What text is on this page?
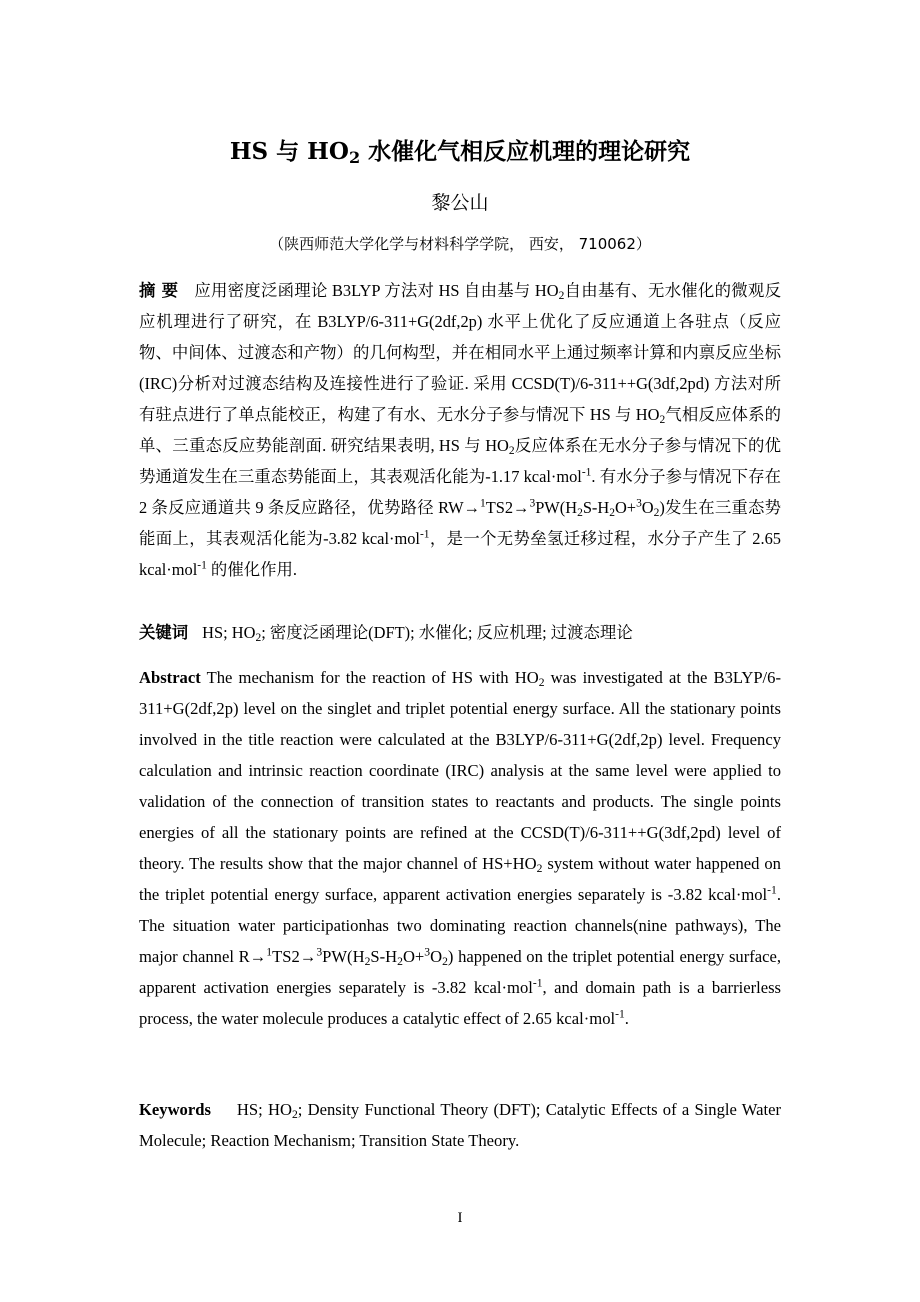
HS 与 $HO_2$ 水催化气相反应机理的理论研究
黎公山
（陕西师范大学化学与材料科学学院， 西安， 710062）
摘 要 应用密度泛函理论 B3LYP 方法对 HS 自由基与 $HO_2$自由基有、无水催化的微观反应机理进行了研究，在 B3LYP/6-311+G(2df,2p) 水平上优化了反应通道上各驻点（反应物、中间体、过渡态和产物）的几何构型，并在相同水平上通过频率计算和内禀反应坐标(IRC)分析对过渡态结构及连接性进行了验证. 采用 CCSD(T)/6-311++G(3df,2pd) 方法对所有驻点进行了单点能校正，构建了有水、无水分子参与情况下 HS 与 $HO_2$气相反应体系的单、三重态反应势能剖面. 研究结果表明, HS 与 $HO_2$反应体系在无水分子参与情况下的优势通道发生在三重态势能面上，其表观活化能为-1.17 kcal·mol$^{-1}$. 有水分子参与情况下存在 2 条反应通道共 9 条反应路径，优势路径 $RW\to^1TS2\to^3PW(H_2S-H_2O+^3O_2)$发生在三重态势能面上，其表观活化能为-3.82 kcal·mol$^{-1}$，是一个无势垒氢迁移过程，水分子产生了 2.65 kcal·mol$^{-1}$ 的催化作用.
关键词 HS; $HO_2$; 密度泛函理论(DFT); 水催化; 反应机理; 过渡态理论
Abstract The mechanism for the reaction of HS with $HO_2$ was investigated at the B3LYP/6-311+G(2df,2p) level on the singlet and triplet potential energy surface. All the stationary points involved in the title reaction were calculated at the B3LYP/6-311+G(2df,2p) level. Frequency calculation and intrinsic reaction coordinate (IRC) analysis at the same level were applied to validation of the connection of transition states to reactants and products. The single points energies of all the stationary points are refined at the CCSD(T)/6-311++G(3df,2pd) level of theory. The results show that the major channel of $HS+HO_2$ system without water happened on the triplet potential energy surface, apparent activation energies separately is -3.82 kcal·mol$^{-1}$. The situation water participationhas two dominating reaction channels(nine pathways), The major channel $R\to^1TS2\to^3PW(H_2S-H_2O+^3O_2)$ happened on the triplet potential energy surface, apparent activation energies separately is -3.82 kcal·mol$^{-1}$, and domain path is a barrierless process, the water molecule produces a catalytic effect of 2.65 kcal·mol$^{-1}$.
Keywords HS; $HO_2$; Density Functional Theory (DFT); Catalytic Effects of a Single Water Molecule; Reaction Mechanism; Transition State Theory.
I
